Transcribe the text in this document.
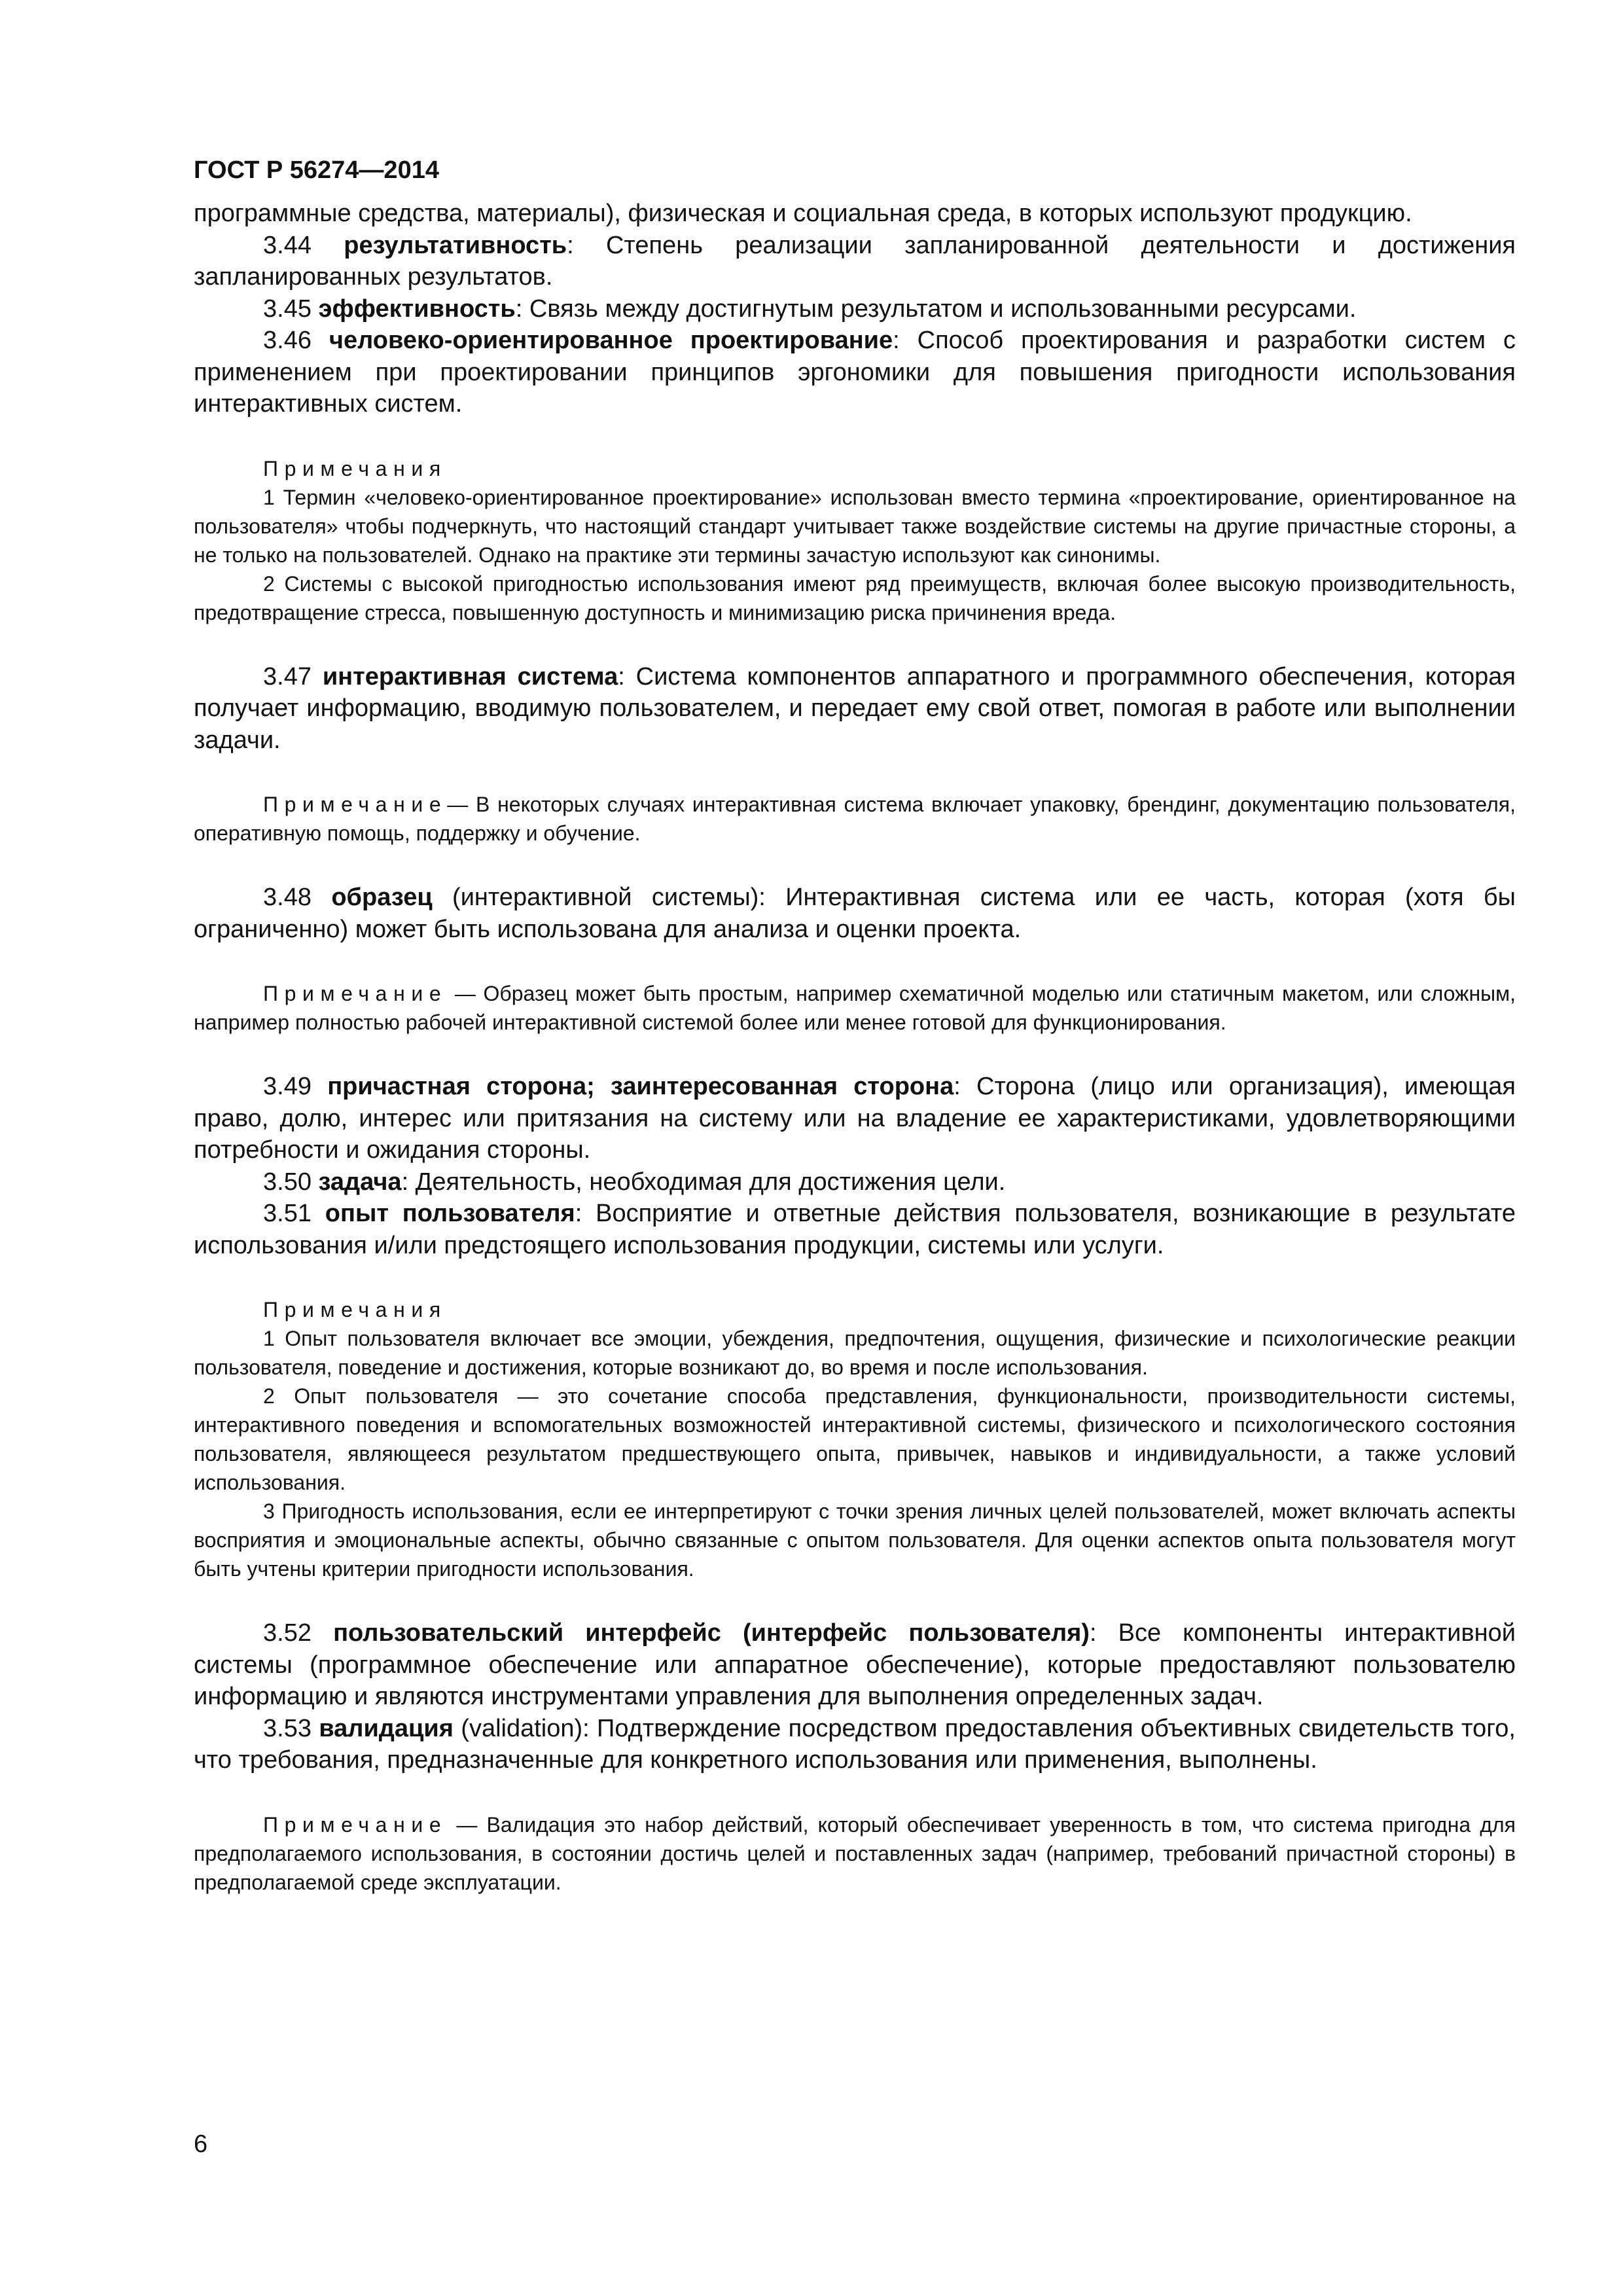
ГОСТ Р 56274—2014

программные средства, материалы), физическая и социальная среда, в которых используют продукцию.

3.44 результативность: Степень реализации запланированной деятельности и достижения запланированных результатов.

3.45 эффективность: Связь между достигнутым результатом и использованными ресурсами.

3.46 человеко-ориентированное проектирование: Способ проектирования и разработки систем с применением при проектировании принципов эргономики для повышения пригодности использования интерактивных систем.

Примечания

1 Термин «человеко-ориентированное проектирование» использован вместо термина «проектирование, ориентированное на пользователя» чтобы подчеркнуть, что настоящий стандарт учитывает также воздействие системы на другие причастные стороны, а не только на пользователей. Однако на практике эти термины зачастую используют как синонимы.

2 Системы с высокой пригодностью использования имеют ряд преимуществ, включая более высокую производительность, предотвращение стресса, повышенную доступность и минимизацию риска причинения вреда.

3.47 интерактивная система: Система компонентов аппаратного и программного обеспечения, которая получает информацию, вводимую пользователем, и передает ему свой ответ, помогая в работе или выполнении задачи.

Примечание— В некоторых случаях интерактивная система включает упаковку, брендинг, документацию пользователя, оперативную помощь, поддержку и обучение.

3.48 образец (интерактивной системы): Интерактивная система или ее часть, которая (хотя бы ограниченно) может быть использована для анализа и оценки проекта.

Примечание — Образец может быть простым, например схематичной моделью или статичным макетом, или сложным, например полностью рабочей интерактивной системой более или менее готовой для функционирования.

3.49 причастная сторона; заинтересованная сторона: Сторона (лицо или организация), имеющая право, долю, интерес или притязания на систему или на владение ее характеристиками, удовлетворяющими потребности и ожидания стороны.

3.50 задача: Деятельность, необходимая для достижения цели.

3.51 опыт пользователя: Восприятие и ответные действия пользователя, возникающие в результате использования и/или предстоящего использования продукции, системы или услуги.

Примечания

1 Опыт пользователя включает все эмоции, убеждения, предпочтения, ощущения, физические и психологические реакции пользователя, поведение и достижения, которые возникают до, во время и после использования.

2 Опыт пользователя — это сочетание способа представления, функциональности, производительности системы, интерактивного поведения и вспомогательных возможностей интерактивной системы, физического и психологического состояния пользователя, являющееся результатом предшествующего опыта, привычек, навыков и индивидуальности, а также условий использования.

3 Пригодность использования, если ее интерпретируют с точки зрения личных целей пользователей, может включать аспекты восприятия и эмоциональные аспекты, обычно связанные с опытом пользователя. Для оценки аспектов опыта пользователя могут быть учтены критерии пригодности использования.

3.52 пользовательский интерфейс (интерфейс пользователя): Все компоненты интерактивной системы (программное обеспечение или аппаратное обеспечение), которые предоставляют пользователю информацию и являются инструментами управления для выполнения определенных задач.

3.53 валидация (validation): Подтверждение посредством предоставления объективных свидетельств того, что требования, предназначенные для конкретного использования или применения, выполнены.

Примечание — Валидация это набор действий, который обеспечивает уверенность в том, что система пригодна для предполагаемого использования, в состоянии достичь целей и поставленных задач (например, требований причастной стороны) в предполагаемой среде эксплуатации.

6
